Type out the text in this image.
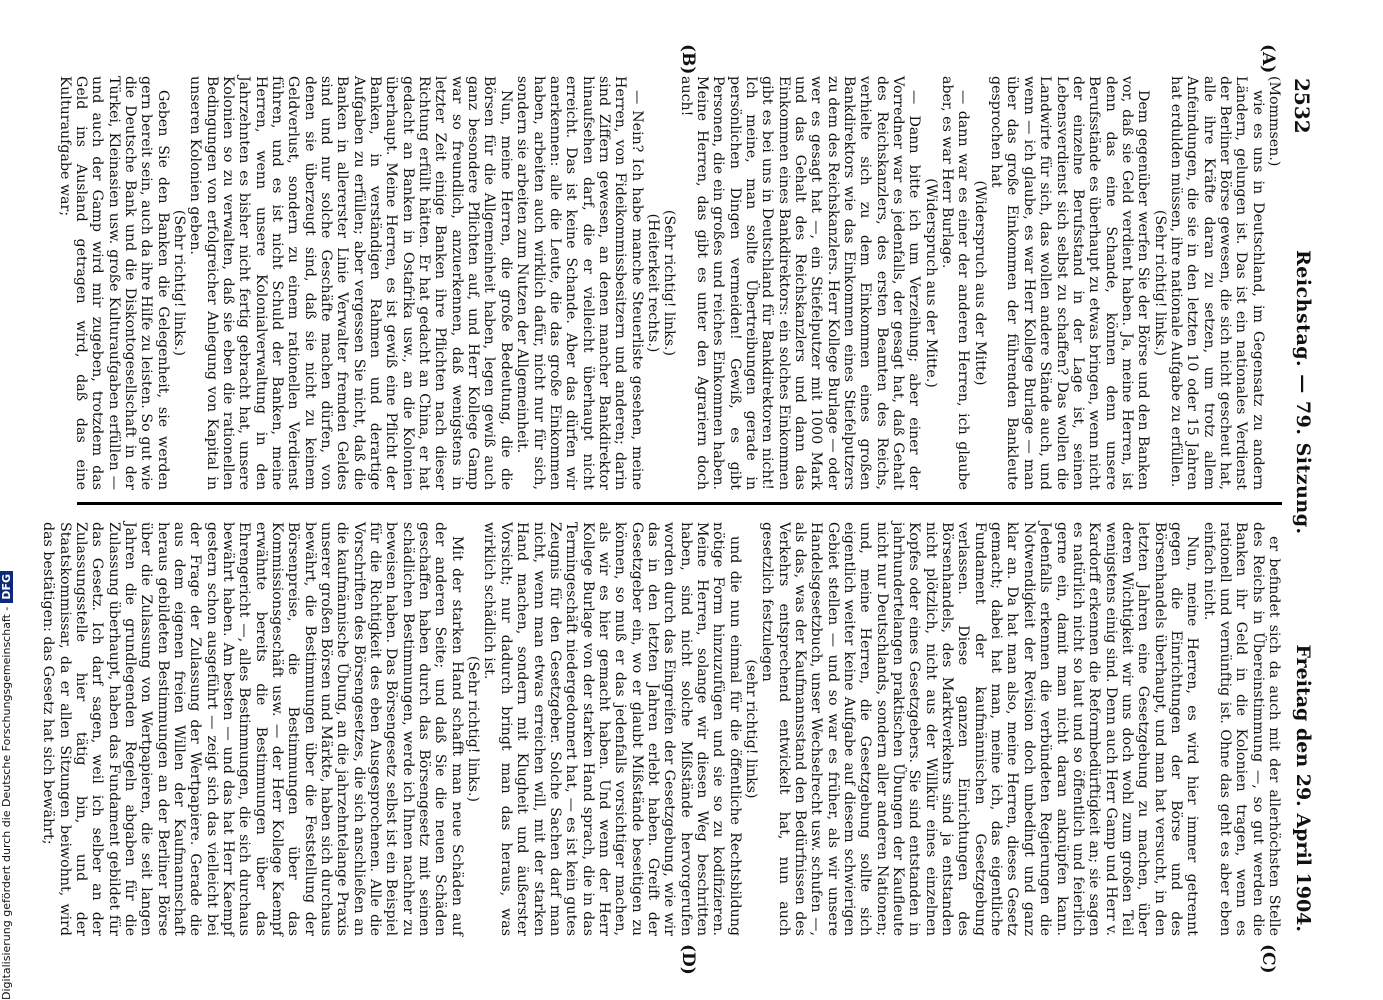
2532
Reichstag. — 79. Sitzung.
Freitag den 29. April 1904.

(Mommsen.)

wie es uns in Deutschland, im Gegensatz zu andern Ländern, gelungen ist. Das ist ein nationales Verdienst der Berliner Börse gewesen, die sich nicht gescheut hat, alle ihre Kräfte daran zu setzen, um trotz allem Anfeindungen, die sie in den letzten 10 oder 15 Jahren hat erdulden müssen, ihre nationale Aufgabe zu erfüllen.

(Sehr richtig! links.)

Dem gegenüber werfen Sie der Börse und den Banken vor, daß sie Geld verdient haben. Ja, meine Herren, ist denn das eine Schande, können denn unsere Berufsstände es überhaupt zu etwas bringen, wenn nicht der einzelne Berufsstand in der Lage ist, seinen Lebensverdienst sich selbst zu schaffen? Das wollen die Landwirte für sich, das wollen andere Stände auch, und wenn — ich glaube, es war Herr Kollege Burlage — man über das große Einkommen der führenden Bankleute gesprochen hat

(Widerspruch aus der Mitte)

— dann war es einer der anderen Herren, ich glaube aber, es war Herr Burlage.

(Widerspruch aus der Mitte.)

— Dann bitte ich um Verzeihung; aber einer der Vorredner war es jedenfalls, der gesagt hat, daß Gehalt des Reichskanzlers, des ersten Beamten des Reichs, verhielte sich zu dem Einkommen eines großen Bankdirektors wie das Einkommen eines Stiefelputzers zu dem des Reichskanzlers. Herr Kollege Burlage — oder wer es gesagt hat —, ein Stiefelputzer mit 1000 Mark und das Gehalt des Reichskanzlers und dann das Einkommen eines Bankdirektors: ein solches Einkommen gibt es bei uns in Deutschland für Bankdirektoren nicht! Ich meine, man sollte Übertreibungen gerade in persönlichen Dingen vermeiden! Gewiß, es gibt Personen, die ein großes und reiches Einkommen haben. Meine Herren, das gibt es unter den Agrariern doch auch!

(Sehr richtig! links.)

(Heiterkeit rechts.)

— Nein? Ich habe manche Steuerliste gesehen, meine Herren, von Fideikommissbesitzern und anderen; darin sind Ziffern gewesen, an denen mancher Bankdirektor hinaufsehen darf, die er vielleicht überhaupt nicht erreicht. Das ist keine Schande. Aber das dürfen wir anerkennen: alle die Leute, die das große Einkommen haben, arbeiten auch wirklich dafür, nicht nur für sich, sondern sie arbeiten zum Nutzen der Allgemeinheit.

Nun, meine Herren, die große Bedeutung, die die Börsen für die Allgemeinheit haben, legen gewiß auch ganz besondere Pflichten auf, und Herr Kollege Gamp war so freundlich, anzuerkennen, daß wenigstens in letzter Zeit einige Banken ihre Pflichten nach dieser Richtung erfüllt hätten. Er hat gedacht an China, er hat gedacht an Banken in Ostafrika usw., an die Kolonien überhaupt. Meine Herren, es ist gewiß eine Pflicht der Banken, in verständigen Rahmen und derartige Aufgaben zu erfüllen; aber vergessen Sie nicht, daß die Banken in allererster Linie Verwalter fremden Geldes sind und nur solche Geschäfte machen dürfen, von denen sie überzeugt sind, daß sie nicht zu keinem Geldverlust, sondern zu einem rationellen Verdienst führen, und es ist nicht Schuld der Banken, meine Herren, wenn unsere Kolonialverwaltung in den Jahrzehnten es bisher nicht fertig gebracht hat, unsere Kolonien so zu verwalten, daß sie eben die rationellen Bedingungen von erfolgreicher Anlegung von Kapital in unseren Kolonien geben.

(Sehr richtig! links.)

Geben Sie den Banken die Gelegenheit, sie werden gern bereit sein, auch da ihre Hilfe zu leisten. So gut wie die Deutsche Bank und die Diskontogesellschaft in der Türkei, Kleinasien usw. große Kulturaufgaben erfüllen — und auch der Gamp wird mir zugeben, trotzdem das Geld ins Ausland getragen wird, daß das eine Kulturaufgabe war;

er befindet sich da auch mit der allerhöchsten Stelle des Reichs in Übereinstimmung —, so gut werden die Banken ihr Geld in die Kolonien tragen, wenn es rationell und vernünftig ist. Ohne das geht es aber eben einfach nicht.

Nun, meine Herren, es wird hier immer getrennt gegen die Einrichtungen der Börse und des Börsenhandels überhaupt, und man hat versucht, in den letzten Jahren eine Gesetzgebung zu machen, über deren Wichtigkeit wir uns doch wohl zum großen Teil wenigstens einig sind. Denn auch Herr Gamp und Herr v. Kardorff erkennen die Reformbedürftigkeit an; sie sagen es natürlich nicht so laut und so öffentlich und feierlich gerne ein, damit man nicht daran anknüpfen kann. Jedenfalls erkennen die verbündeten Regierungen die Notwendigkeit der Revision doch unbedingt und ganz klar an. Da hat man also, meine Herren, dieses Gesetz gemacht; dabei hat man, meine ich, das eigentliche Fundament der kaufmännischen Gesetzgebung verlassen. Diese ganzen Einrichtungen des Börsenhandels, des Marktverkehrs sind ja entstanden nicht plötzlich, nicht aus der Willkür eines einzelnen Kopfes oder eines Gesetzgebers. Sie sind entstanden in jahrhundertelangen praktischen Übungen der Kaufleute nicht nur Deutschlands, sondern aller anderen Nationen; und, meine Herren, die Gesetzgebung sollte sich eigentlich weiter keine Aufgabe auf diesem schwierigen Gebiet stellen — und so war es früher, als wir unsere Handelsgesetzbuch, unser Wechselrecht usw. schufen —, als das, was der Kaufmannsstand den Bedürfnissen des Verkehrs entsprechend entwickelt hat, nun auch gesetzlich festzulegen

(sehr richtig! links)

und die nun einmal für die öffentliche Rechtsbildung nötige Form hinzuzufügen und sie so zu kodifizieren. Meine Herren, solange wir diesen Weg beschritten haben, sind nicht solche Mißstände hervorgerufen worden durch das Eingreifen der Gesetzgebung, wie wir das in den letzten Jahren erlebt haben. Greift der Gesetzgeber ein, wo er glaubt Mißstände beseitigen zu können, so muß er das jedenfalls vorsichtiger machen, als wir es hier gemacht haben. Und wenn der Herr Kollege Burlage von der starken Hand sprach, die in das Termingeschäft niedergedonnert hat, — es ist kein gutes Zeugnis für den Gesetzgeber. Solche Sachen darf man nicht, wenn man etwas erreichen will, mit der starken Hand machen, sondern mit Klugheit und äußerster Vorsicht; nur dadurch bringt man das heraus, was wirklich schädlich ist.

(Sehr richtig! links.)

Mit der starken Hand schafft man neue Schäden auf der anderen Seite; und daß Sie die neuen Schäden geschaffen haben durch das Börsengesetz mit seinen schädlichen Bestimmungen, werde ich Ihnen nachher zu beweisen haben. Das Börsengesetz selbst ist ein Beispiel für die Richtigkeit des eben Ausgesprochenen. Alle die Vorschriften des Börsengesetzes, die sich anschließen an die kaufmännische Übung, an die jahrzehntelange Praxis unserer großen Börsen und Märkte, haben sich durchaus bewährt, die Bestimmungen über die Feststellung der Börsenpreise, die Bestimmungen über das Kommissionsgeschäft usw. — der Herr Kollege Kaempf erwähnte bereits die Bestimmungen über das Ehrengericht —, alles Bestimmungen, die sich durchaus bewährt haben. Am besten — und das hat Herr Kaempf gestern schon ausgeführt — zeigt sich das vielleicht bei der Frage der Zulassung der Wertpapiere. Gerade die aus dem eigenen freien Willen der Kaufmannschaft heraus gebildeten Bestimmungen an der Berliner Börse über die Zulassung von Wertpapieren, die seit langen Jahren die grundlegenden Regeln abgaben für die Zulassung überhaupt, haben das Fundament gebildet für das Gesetz. Ich darf sagen, weil ich selber an der Zulassungsstelle hier tätig bin, und der Staatskommissar, da er allen Sitzungen beiwohnt, wird das bestätigen: das Gesetz hat sich bewährt;

(A)
(B)
(C)
(D)
Digitalisierung gefördert durch die Deutsche Forschungsgemeinschaft -DFG
